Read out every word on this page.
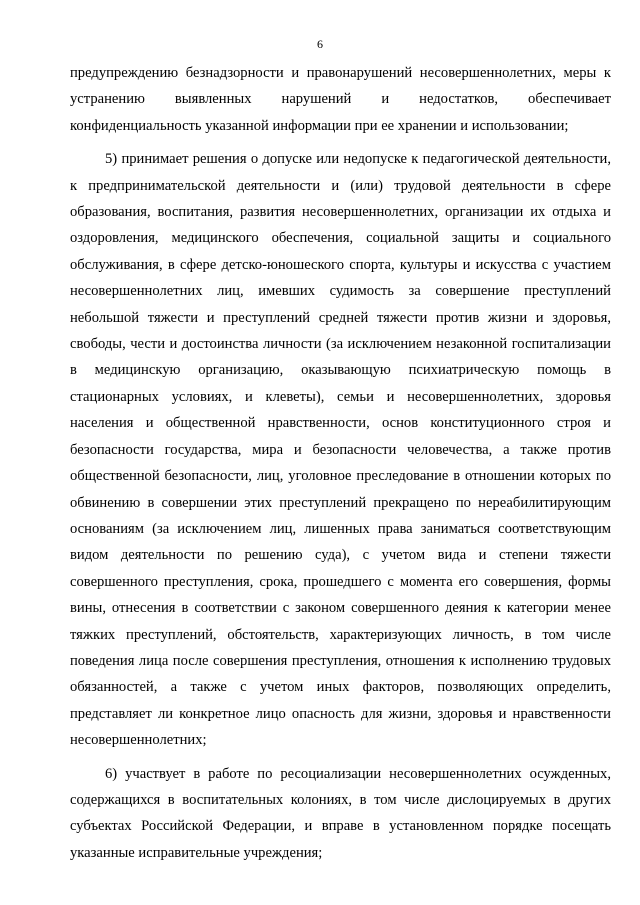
6

предупреждению безнадзорности и правонарушений несовершеннолетних, меры к устранению выявленных нарушений и недостатков, обеспечивает конфиденциальность указанной информации при ее хранении и использовании;

5) принимает решения о допуске или недопуске к педагогической деятельности, к предпринимательской деятельности и (или) трудовой деятельности в сфере образования, воспитания, развития несовершеннолетних, организации их отдыха и оздоровления, медицинского обеспечения, социальной защиты и социального обслуживания, в сфере детско-юношеского спорта, культуры и искусства с участием несовершеннолетних лиц, имевших судимость за совершение преступлений небольшой тяжести и преступлений средней тяжести против жизни и здоровья, свободы, чести и достоинства личности (за исключением незаконной госпитализации в медицинскую организацию, оказывающую психиатрическую помощь в стационарных условиях, и клеветы), семьи и несовершеннолетних, здоровья населения и общественной нравственности, основ конституционного строя и безопасности государства, мира и безопасности человечества, а также против общественной безопасности, лиц, уголовное преследование в отношении которых по обвинению в совершении этих преступлений прекращено по нереабилитирующим основаниям (за исключением лиц, лишенных права заниматься соответствующим видом деятельности по решению суда), с учетом вида и степени тяжести совершенного преступления, срока, прошедшего с момента его совершения, формы вины, отнесения в соответствии с законом совершенного деяния к категории менее тяжких преступлений, обстоятельств, характеризующих личность, в том числе поведения лица после совершения преступления, отношения к исполнению трудовых обязанностей, а также с учетом иных факторов, позволяющих определить, представляет ли конкретное лицо опасность для жизни, здоровья и нравственности несовершеннолетних;

6) участвует в работе по ресоциализации несовершеннолетних осужденных, содержащихся в воспитательных колониях, в том числе дислоцируемых в других субъектах Российской Федерации, и вправе в установленном порядке посещать указанные исправительные учреждения;
